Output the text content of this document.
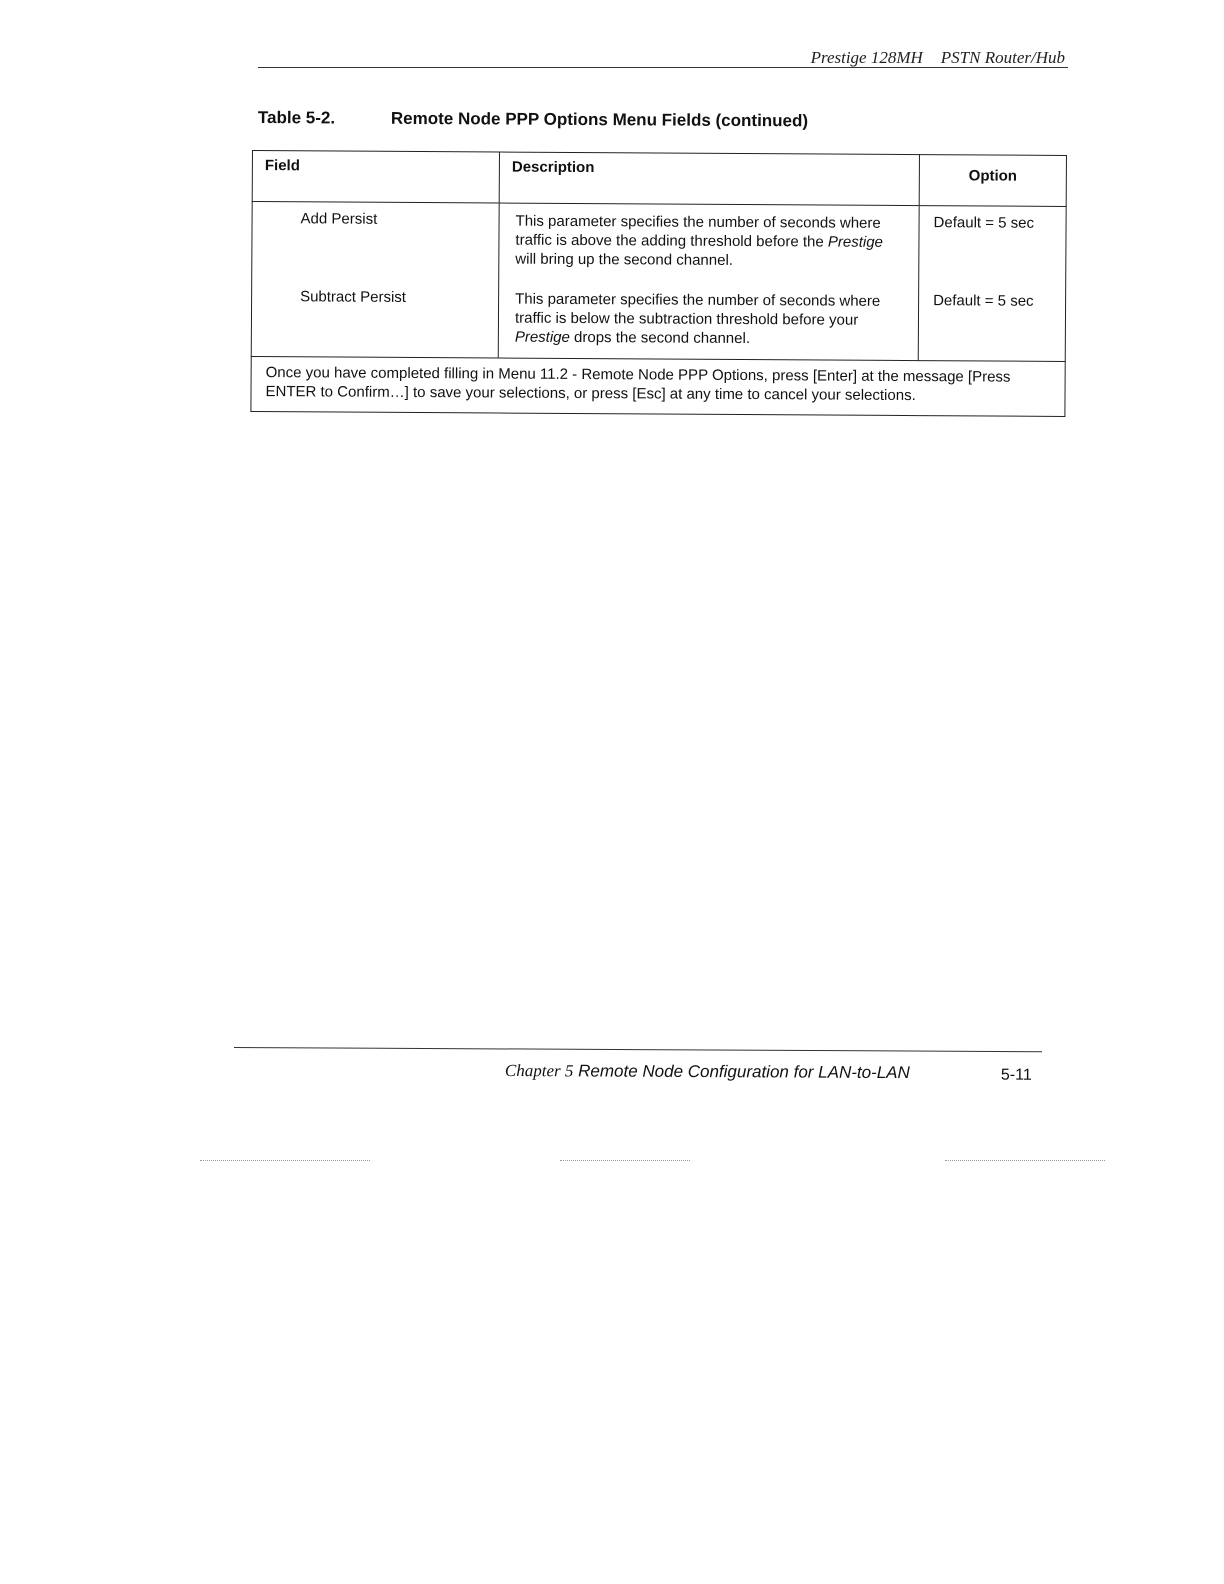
Prestige 128MH PSTN Router/Hub
Table 5-2.	Remote Node PPP Options Menu Fields (continued)
Field	Description	Option
Add Persist	This parameter specifies the number of seconds where traffic is above the adding threshold before the Prestige will bring up the second channel.	Default = 5 sec
Subtract Persist	This parameter specifies the number of seconds where traffic is below the subtraction threshold before your Prestige drops the second channel.	Default = 5 sec
Once you have completed filling in Menu 11.2 - Remote Node PPP Options, press [Enter] at the message [Press ENTER to Confirm…] to save your selections, or press [Esc] at any time to cancel your selections.		
Chapter 5 Remote Node Configuration for LAN-to-LAN	5-11
